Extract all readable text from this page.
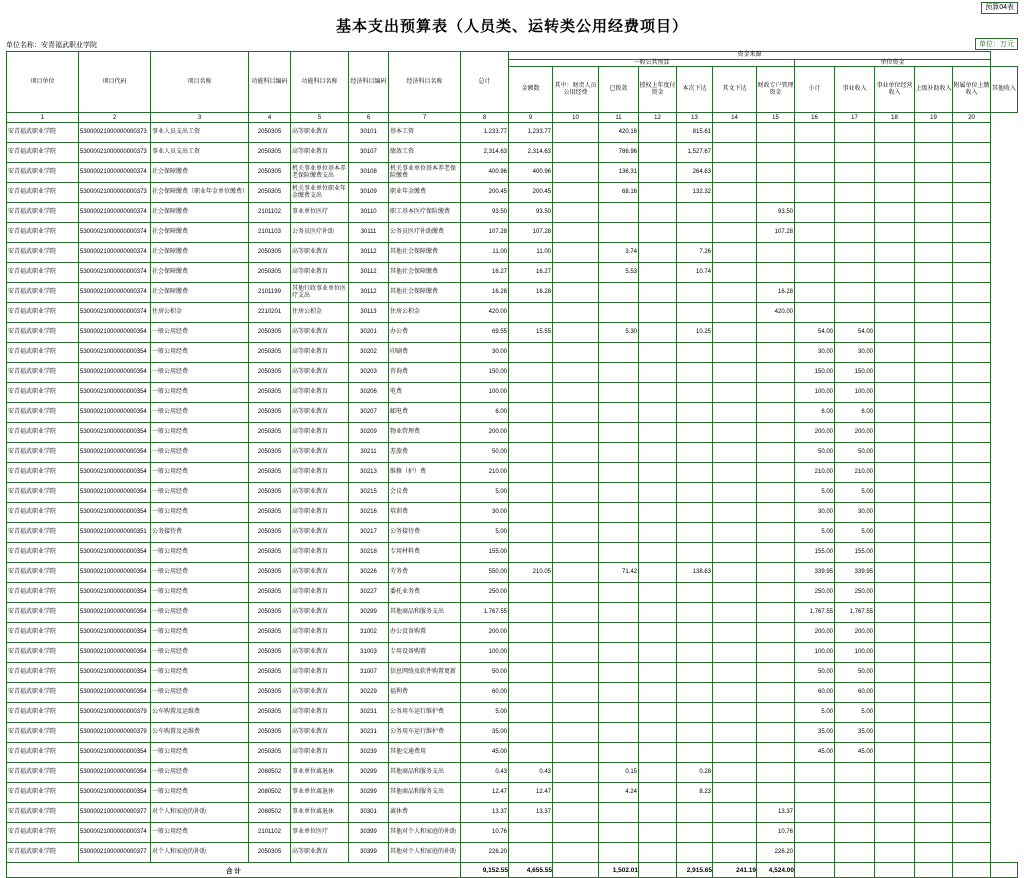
预算04表
基本支出预算表（人员类、运转类公用经费项目）
单位名称：安青福武职业学院	单位：万元
项目单位	项目代码	项目名称	功能科目编码	功能科目名称	经济科目编码	经济科目名称	总计	资金来源												
								一般公共预算							单位资金					
								金额数	其中：财责人员公用经费	已拨款	授权上年度付资金	本次下达	其文下达	财政专户管理资金	小计	事业收入	事业单位经营收入	上级补助收入	附属单位上缴收入	其他收入
1	2	3	4	5	6	7	8	9	10	11	12	13	14	15	16	17	18	19	20	

安青福武职业学院	53000021000000000373	事业人员支出工资	2050305	高等职业教育	30101	基本工资	1,233.77	1,233.77		420.16		815.61								

安青福武职业学院	53000021000000000373	事业人员支出工资	2050305	高等职业教育	30107	绩效工资	2,314.63	2,314.63		786.96		1,527.67								

安青福武职业学院	53000021000000000374	社会保障缴费	2050305	机关事业单位基本养老保险缴费支出	30108	机关事业单位基本养老保险缴费	400.96	400.96		136.31		264.63								

安青福武职业学院	53000021000000000373	社会保障缴费（职业年金单位缴费）	2050305	机关事业单位职业年金缴费支出	30109	职业年金缴费	200.45	200.45		68.16		132.32								

安青福武职业学院	53000021000000000374	社会保障缴费	2101102	事业单位医疗	30110	职工基本医疗保险缴费	93.50	93.50						93.50						

安青福武职业学院	53000021000000000374	社会保障缴费	2101103	公务员医疗补助	30111	公务员医疗补助缴费	107.28	107.28						107.28						

安青福武职业学院	53000021000000000374	社会保障缴费	2050305	高等职业教育	30112	其他社会保障缴费	11.00	11.00		3.74		7.26								

安青福武职业学院	53000021000000000374	社会保障缴费	2050305	高等职业教育	30112	其他社会保障缴费	16.27	16.27		5.53		10.74								

安青福武职业学院	53000021000000000374	社会保障缴费	2101199	其他行政事业单位医疗支出	30112	其他社会保障缴费	16.28	16.28						16.28						

安青福武职业学院	53000021000000000374	住房公积金	2210201	住房公积金	30113	住房公积金	420.00							420.00						

安青福武职业学院	53000021000000000354	一般公用经费	2050305	高等职业教育	30201	办公费	69.55	15.55		5.30		10.25			54.00	54.00				

安青福武职业学院	53000021000000000354	一般公用经费	2050305	高等职业教育	30202	印刷费	30.00								30.00	30.00				

安青福武职业学院	53000021000000000354	一般公用经费	2050305	高等职业教育	30203	咨询费	150.00								150.00	150.00				

安青福武职业学院	53000021000000000354	一般公用经费	2050305	高等职业教育	30206	电费	100.00								100.00	100.00				

安青福武职业学院	53000021000000000354	一般公用经费	2050305	高等职业教育	30207	邮电费	6.00								6.00	6.00				

安青福武职业学院	53000021000000000354	一般公用经费	2050305	高等职业教育	30209	物业管理费	200.00								200.00	200.00				

安青福武职业学院	53000021000000000354	一般公用经费	2050305	高等职业教育	30211	差旅费	50.00								50.00	50.00				

安青福武职业学院	53000021000000000354	一般公用经费	2050305	高等职业教育	30213	维修（护）费	210.00								210.00	210.00				

安青福武职业学院	53000021000000000354	一般公用经费	2050305	高等职业教育	30215	会议费	5.00								5.00	5.00				

安青福武职业学院	53000021000000000354	一般公用经费	2050305	高等职业教育	30216	培训费	30.00								30.00	30.00				

安青福武职业学院	53000021000000000351	公务接待费	2050305	高等职业教育	30217	公务接待费	5.00								5.00	5.00				

安青福武职业学院	53000021000000000354	一般公用经费	2050305	高等职业教育	30218	专用材料费	155.00								155.00	155.00				

安青福武职业学院	53000021000000000354	一般公用经费	2050305	高等职业教育	30226	劳务费	550.00	210.05		71.42		138.63			339.95	339.95				

安青福武职业学院	53000021000000000354	一般公用经费	2050305	高等职业教育	30227	委托业务费	250.00								250.00	250.00				

安青福武职业学院	53000021000000000354	一般公用经费	2050305	高等职业教育	30299	其他商品和服务支出	1,767.55								1,767.55	1,767.55				

安青福武职业学院	53000021000000000354	一般公用经费	2050305	高等职业教育	31002	办公设备购置	200.00								200.00	200.00				

安青福武职业学院	53000021000000000354	一般公用经费	2050305	高等职业教育	31003	专用设备购置	100.00								100.00	100.00				

安青福武职业学院	53000021000000000354	一般公用经费	2050305	高等职业教育	31007	信息网络及软件购置更新	50.00								50.00	50.00				

安青福武职业学院	53000021000000000354	一般公用经费	2050305	高等职业教育	30229	福利费	60.00								60.00	60.00				

安青福武职业学院	53000021000000000379	公车购置及运维费	2050305	高等职业教育	30231	公务用车运行维护费	5.00								5.00	5.00				

安青福武职业学院	53000021000000000379	公车购置及运维费	2050305	高等职业教育	30231	公务用车运行维护费	35.00								35.00	35.00				

安青福武职业学院	53000021000000000354	一般公用经费	2050305	高等职业教育	30239	其他交通费用	45.00								45.00	45.00				

安青福武职业学院	53000021000000000354	一般公用经费	2080502	事业单位离退休	30299	其他商品和服务支出	0.43	0.43		0.15		0.28								

安青福武职业学院	53000021000000000354	一般公用经费	2080502	事业单位离退休	30299	其他商品和服务支出	12.47	12.47		4.24		8.23								

安青福武职业学院	53000021000000000377	对个人和家庭的补助	2080502	事业单位离退休	30301	离休费	13.37	13.37						13.37						

安青福武职业学院	53000021000000000374	一般公用经费	2101102	事业单位医疗	30399	其他对个人和家庭的补助	10.76							10.76						

安青福武职业学院	53000021000000000377	对个人和家庭的补助	2050305	高等职业教育	30399	其他对个人和家庭的补助	226.20							226.20						

合 计							9,152.55	4,655.55		1,502.01		2,915.65	241.19	4,524.00						
